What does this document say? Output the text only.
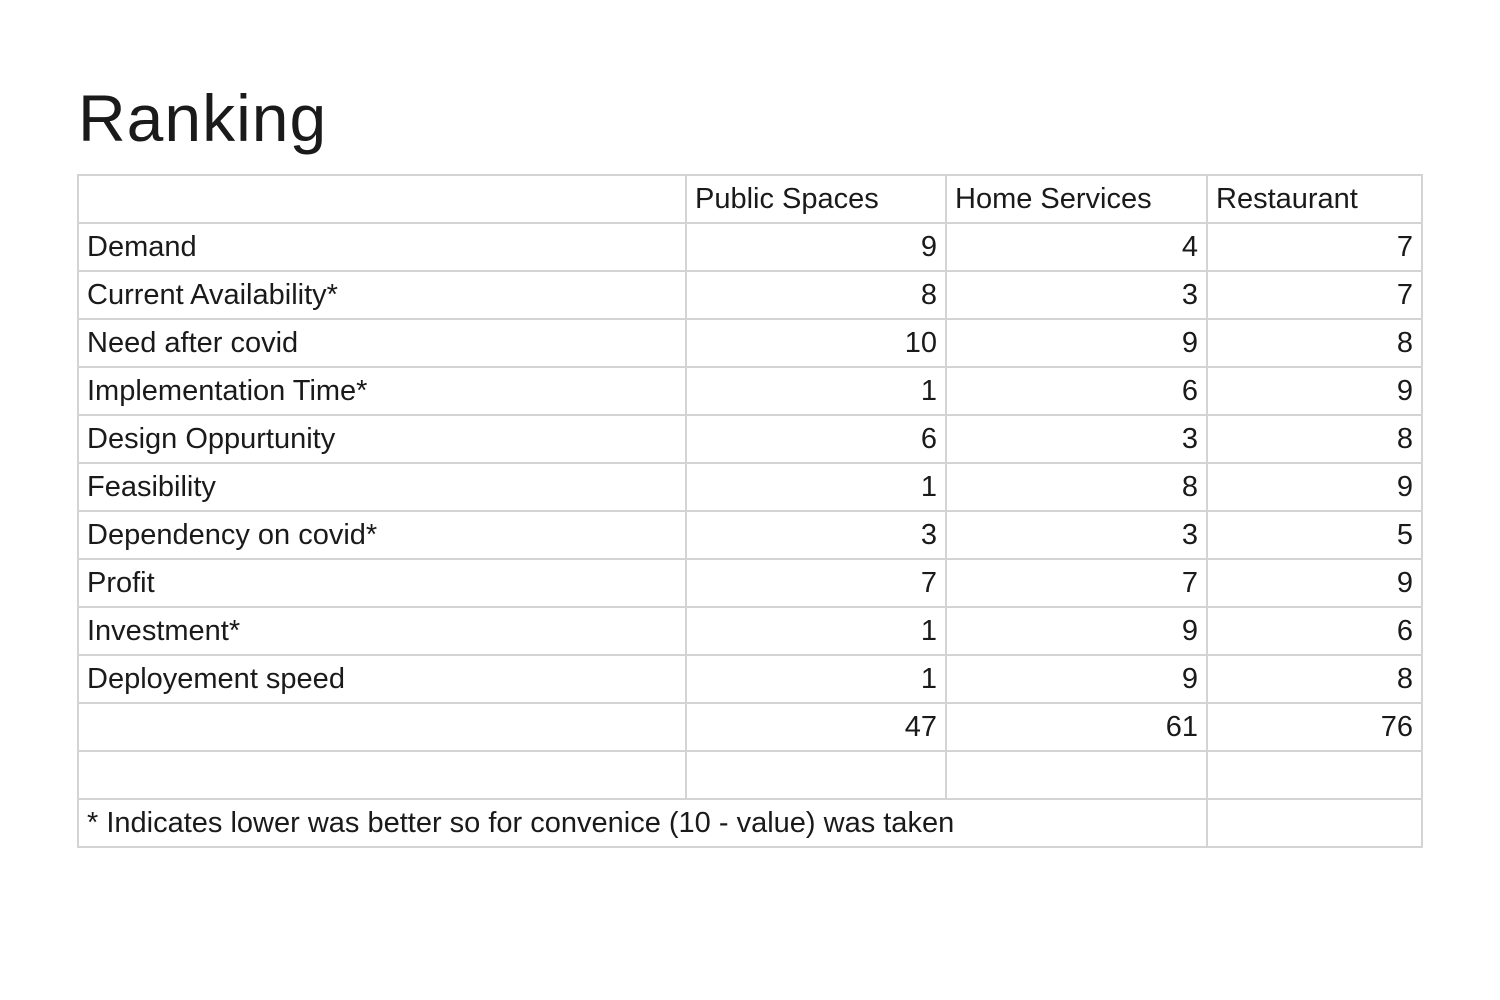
Ranking
	Public Spaces	Home Services	Restaurant
Demand	9	4	7
Current Availability*	8	3	7
Need after covid	10	9	8
Implementation Time*	1	6	9
Design Oppurtunity	6	3	8
Feasibility	1	8	9
Dependency on covid*	3	3	5
Profit	7	7	9
Investment*	1	9	6
Deployement speed	1	9	8
	47	61	76

* Indicates lower was better so for convenice (10 - value) was taken			
